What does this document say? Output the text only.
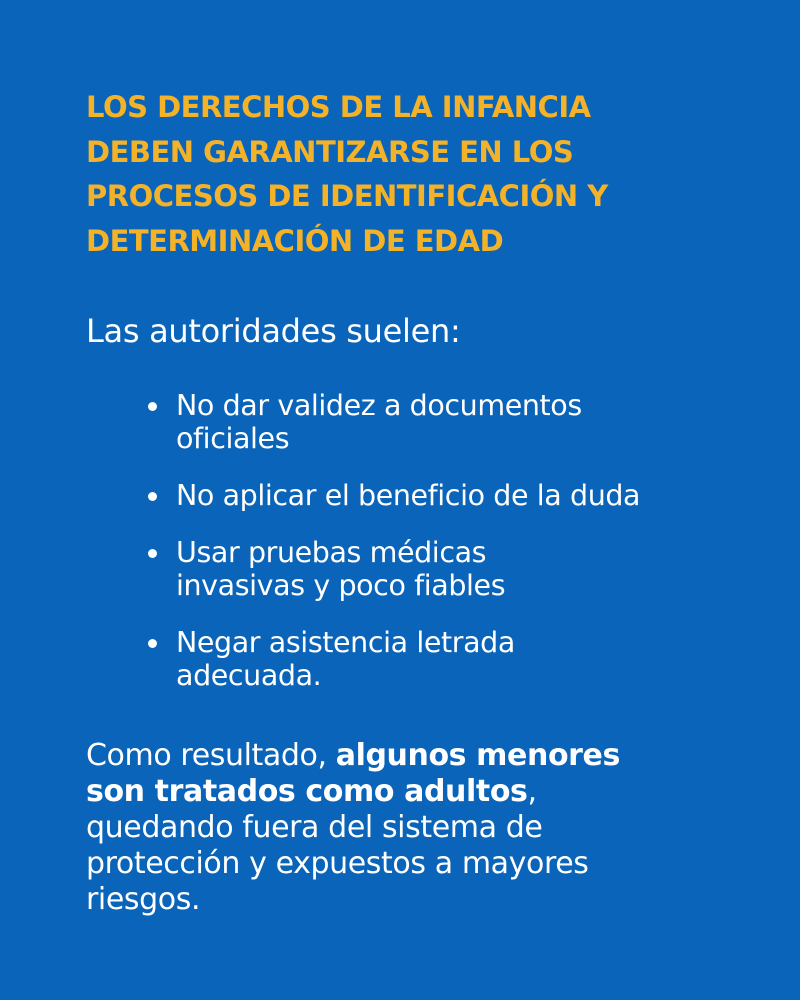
LOS DERECHOS DE LA INFANCIA
DEBEN GARANTIZARSE EN LOS
PROCESOS DE IDENTIFICACIÓN Y
DETERMINACIÓN DE EDAD

Las autoridades suelen:

No dar validez a documentos
oficiales
No aplicar el beneficio de la duda
Usar pruebas médicas
invasivas y poco fiables
Negar asistencia letrada
adecuada.

Como resultado, algunos menores
son tratados como adultos,
quedando fuera del sistema de
protección y expuestos a mayores
riesgos.
